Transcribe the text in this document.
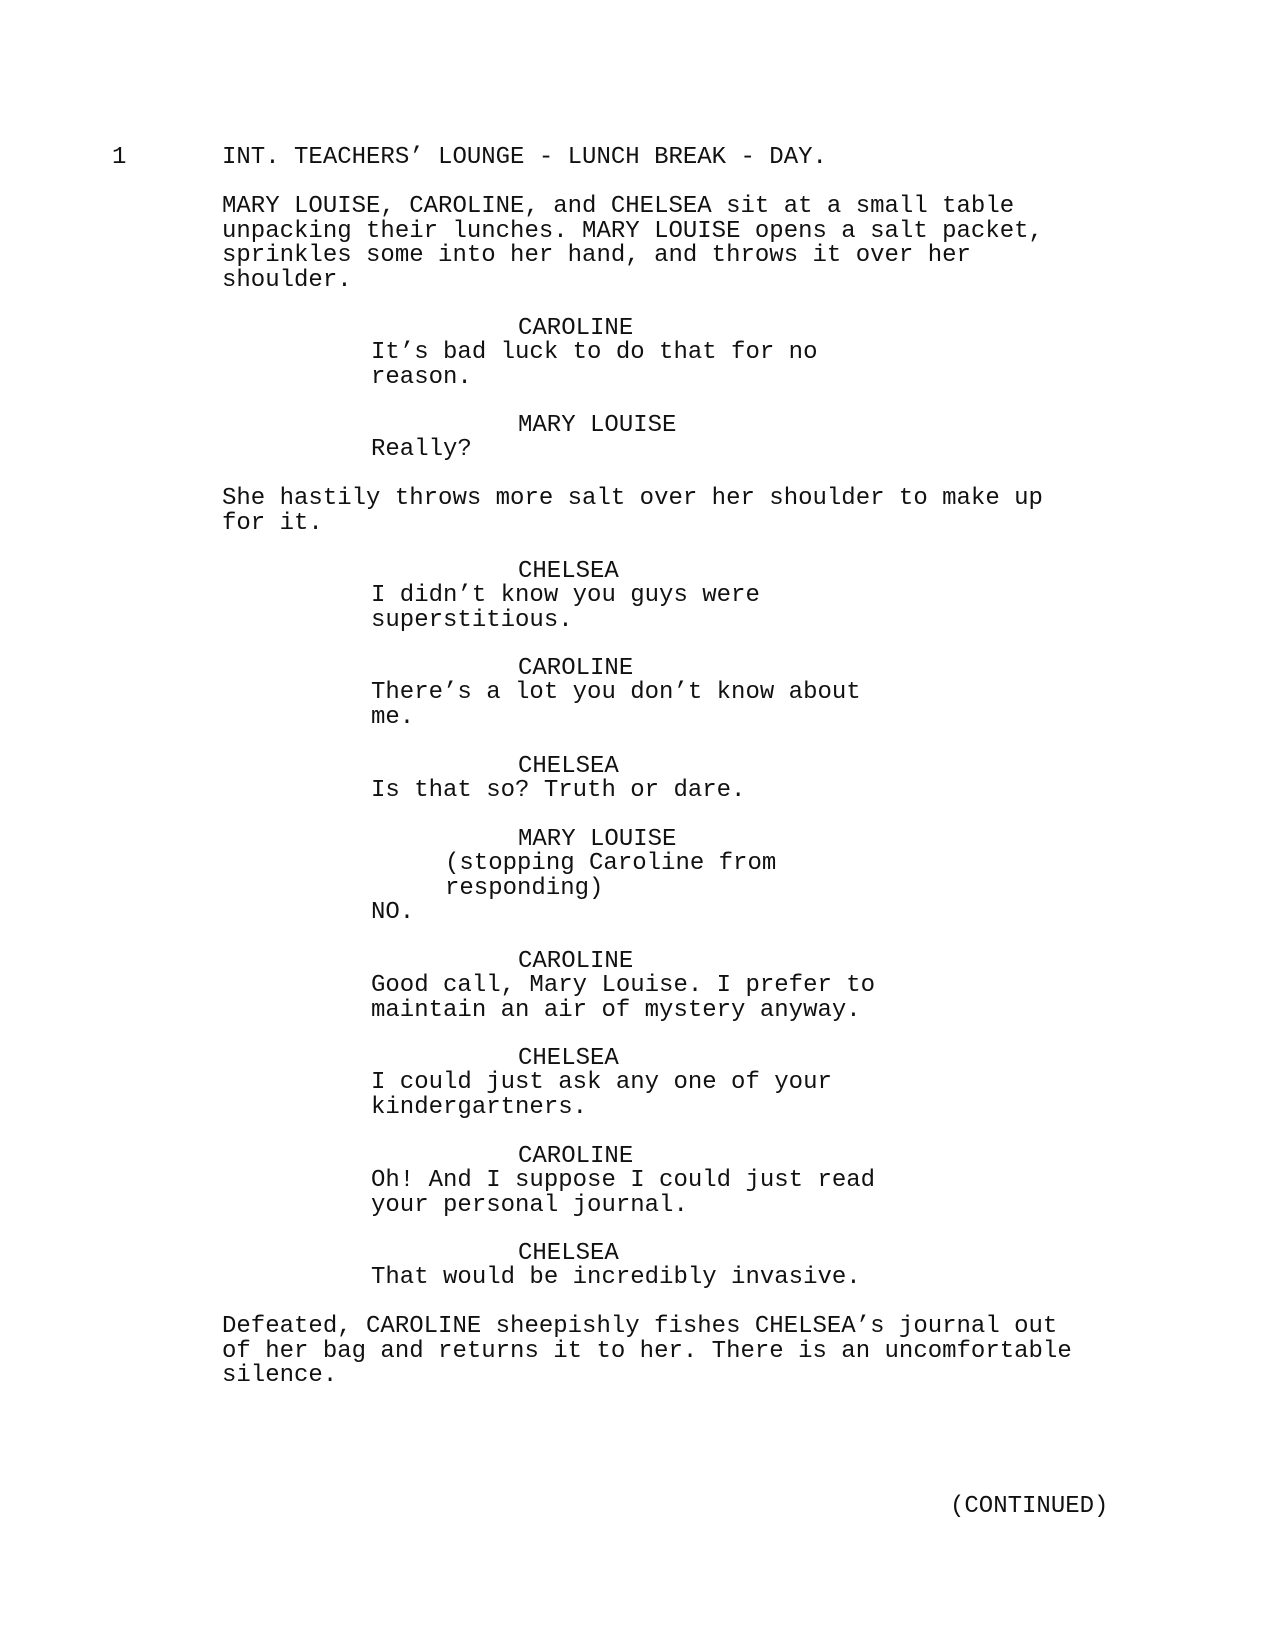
1	INT. TEACHERS’ LOUNGE - LUNCH BREAK - DAY.
MARY LOUISE, CAROLINE, and CHELSEA sit at a small table
unpacking their lunches. MARY LOUISE opens a salt packet,
sprinkles some into her hand, and throws it over her
shoulder.
CAROLINE
It’s bad luck to do that for no
reason.
MARY LOUISE
Really?
She hastily throws more salt over her shoulder to make up
for it.
CHELSEA
I didn’t know you guys were
superstitious.
CAROLINE
There’s a lot you don’t know about
me.
CHELSEA
Is that so? Truth or dare.
MARY LOUISE
(stopping Caroline from
responding)
NO.
CAROLINE
Good call, Mary Louise. I prefer to
maintain an air of mystery anyway.
CHELSEA
I could just ask any one of your
kindergartners.
CAROLINE
Oh! And I suppose I could just read
your personal journal.
CHELSEA
That would be incredibly invasive.
Defeated, CAROLINE sheepishly fishes CHELSEA’s journal out
of her bag and returns it to her. There is an uncomfortable
silence.
(CONTINUED)
